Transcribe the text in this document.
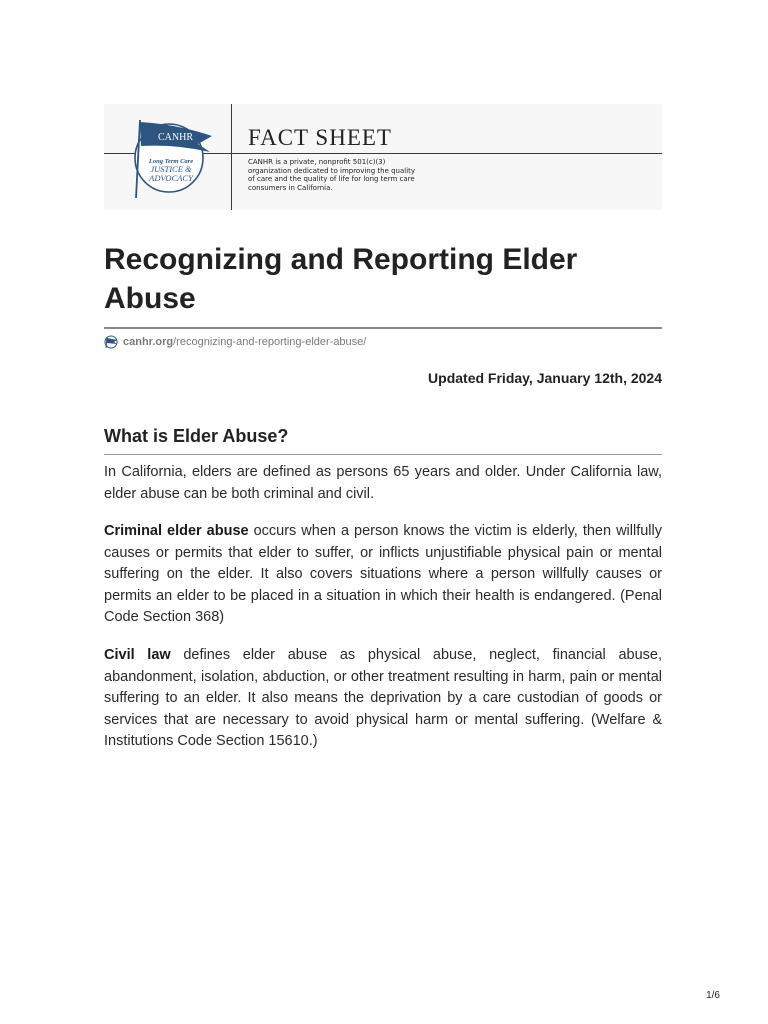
CANHR
Long Term Care
JUSTICE &
ADVOCACY
FACT SHEET
CANHR is a private, nonprofit 501(c)(3) organization dedicated to improving the quality of care and the quality of life for long term care consumers in California.
Recognizing and Reporting Elder Abuse
canhr.org /recognizing-and-reporting-elder-abuse/
Updated Friday, January 12th, 2024
What is Elder Abuse?

In California, elders are defined as persons 65 years and older. Under California law, elder abuse can be both criminal and civil.

Criminal elder abuse occurs when a person knows the victim is elderly, then willfully causes or permits that elder to suffer, or inflicts unjustifiable physical pain or mental suffering on the elder. It also covers situations where a person willfully causes or permits an elder to be placed in a situation in which their health is endangered. (Penal Code Section 368)

Civil law defines elder abuse as physical abuse, neglect, financial abuse, abandonment, isolation, abduction, or other treatment resulting in harm, pain or mental suffering to an elder. It also means the deprivation by a care custodian of goods or services that are necessary to avoid physical harm or mental suffering. (Welfare & Institutions Code Section 15610.)

1/6
